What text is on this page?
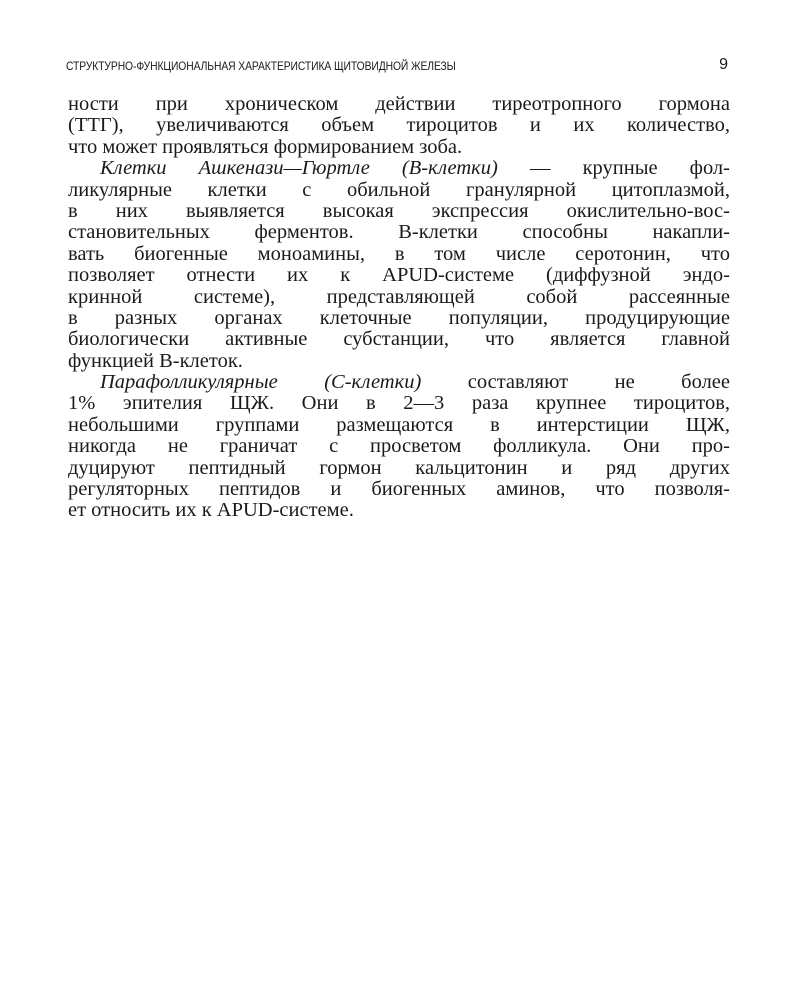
СТРУКТУРНО-ФУНКЦИОНАЛЬНАЯ ХАРАКТЕРИСТИКА ЩИТОВИДНОЙ ЖЕЛЕЗЫ	9
ности при хроническом действии тиреотропного гормона
(ТТГ), увеличиваются объем тироцитов и их количество,
что может проявляться формированием зоба.
Клетки Ашкенази—Гюртле (В-клетки) — крупные фол-
ликулярные клетки с обильной гранулярной цитоплазмой,
в них выявляется высокая экспрессия окислительно-вос-
становительных ферментов. В-клетки способны накапли-
вать биогенные моноамины, в том числе серотонин, что
позволяет отнести их к APUD-системе (диффузной эндо-
кринной системе), представляющей собой рассеянные
в разных органах клеточные популяции, продуцирующие
биологически активные субстанции, что является главной
функцией В-клеток.
Парафолликулярные (С-клетки) составляют не более
1% эпителия ЩЖ. Они в 2—3 раза крупнее тироцитов,
небольшими группами размещаются в интерстиции ЩЖ,
никогда не граничат с просветом фолликула. Они про-
дуцируют пептидный гормон кальцитонин и ряд других
регуляторных пептидов и биогенных аминов, что позволя-
ет относить их к APUD-системе.
